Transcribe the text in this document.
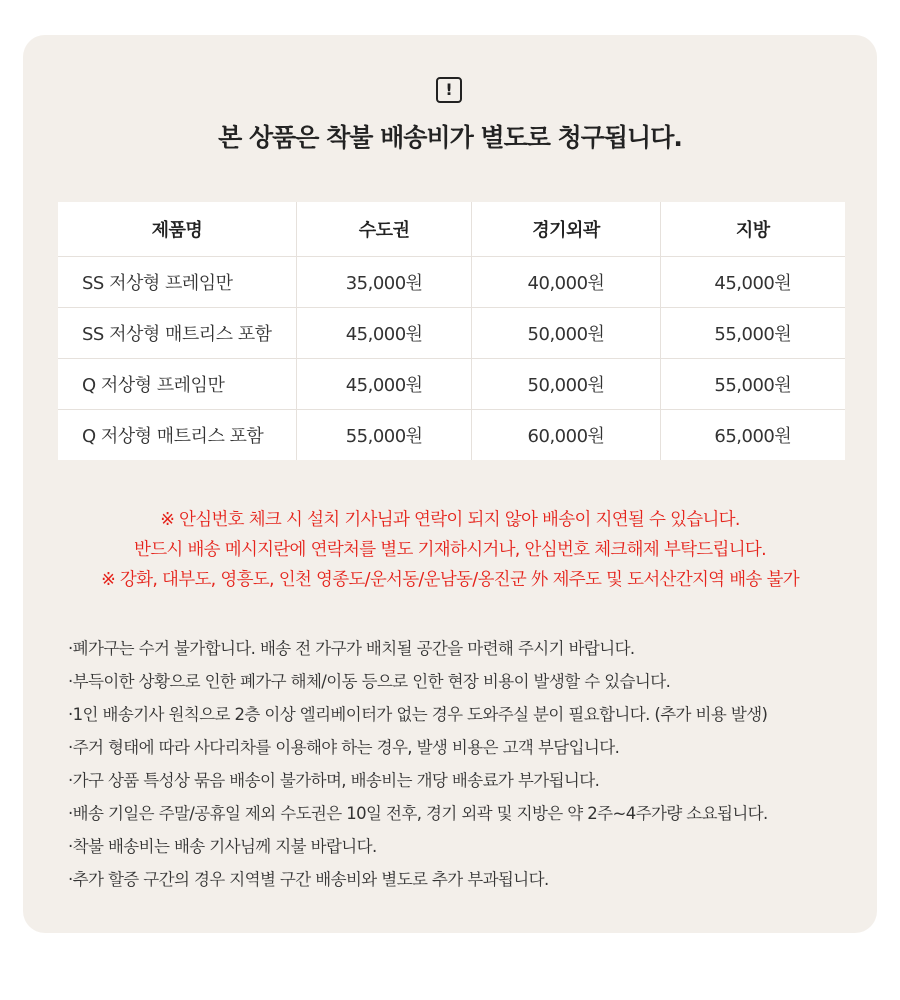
!
본 상품은 착불 배송비가 별도로 청구됩니다.
제품명	수도권	경기외곽	지방
SS 저상형 프레임만	35,000원	40,000원	45,000원
SS 저상형 매트리스 포함	45,000원	50,000원	55,000원
Q 저상형 프레임만	45,000원	50,000원	55,000원
Q 저상형 매트리스 포함	55,000원	60,000원	65,000원
※ 안심번호 체크 시 설치 기사님과 연락이 되지 않아 배송이 지연될 수 있습니다.
반드시 배송 메시지란에 연락처를 별도 기재하시거나, 안심번호 체크해제 부탁드립니다.
※ 강화, 대부도, 영흥도, 인천 영종도/운서동/운남동/옹진군 外 제주도 및 도서산간지역 배송 불가
·폐가구는 수거 불가합니다. 배송 전 가구가 배치될 공간을 마련해 주시기 바랍니다.
·부득이한 상황으로 인한 폐가구 해체/이동 등으로 인한 현장 비용이 발생할 수 있습니다.
·1인 배송기사 원칙으로 2층 이상 엘리베이터가 없는 경우 도와주실 분이 필요합니다. (추가 비용 발생)
·주거 형태에 따라 사다리차를 이용해야 하는 경우, 발생 비용은 고객 부담입니다.
·가구 상품 특성상 묶음 배송이 불가하며, 배송비는 개당 배송료가 부가됩니다.
·배송 기일은 주말/공휴일 제외 수도권은 10일 전후, 경기 외곽 및 지방은 약 2주~4주가량 소요됩니다.
·착불 배송비는 배송 기사님께 지불 바랍니다.
·추가 할증 구간의 경우 지역별 구간 배송비와 별도로 추가 부과됩니다.
